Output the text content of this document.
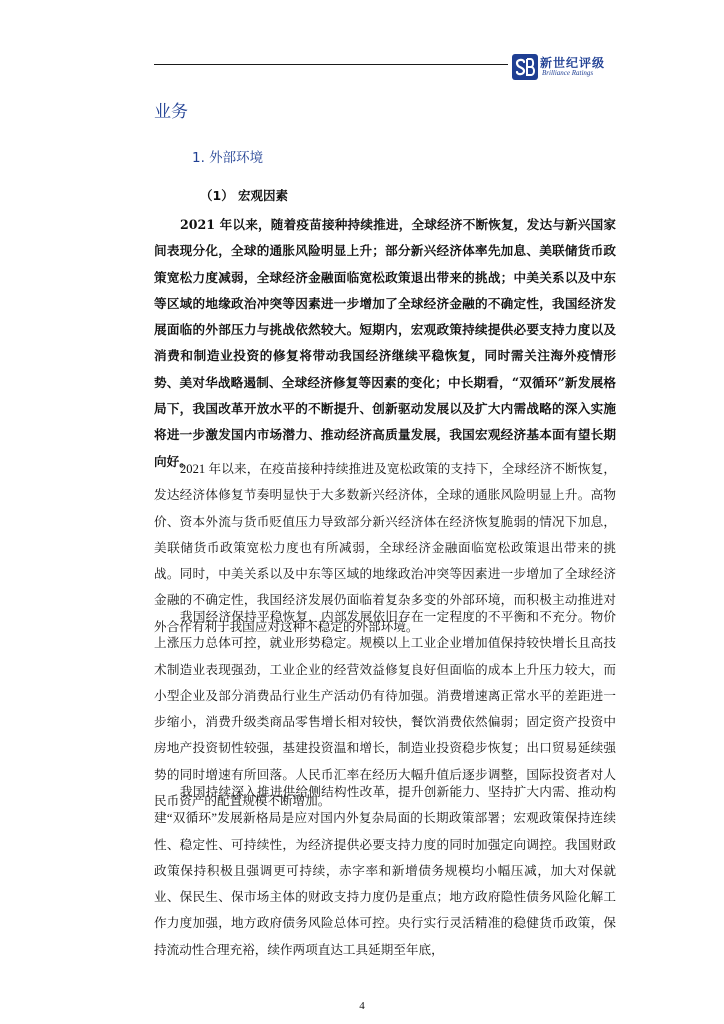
新世纪评级
Brilliance Ratings
业务
1. 外部环境
（1） 宏观因素

2021 年以来，随着疫苗接种持续推进，全球经济不断恢复，发达与新兴国家间表现分化，全球的通胀风险明显上升；部分新兴经济体率先加息、美联储货币政策宽松力度减弱，全球经济金融面临宽松政策退出带来的挑战；中美关系以及中东等区域的地缘政治冲突等因素进一步增加了全球经济金融的不确定性，我国经济发展面临的外部压力与挑战依然较大。短期内，宏观政策持续提供必要支持力度以及消费和制造业投资的修复将带动我国经济继续平稳恢复，同时需关注海外疫情形势、美对华战略遏制、全球经济修复等因素的变化；中长期看，“双循环”新发展格局下，我国改革开放水平的不断提升、创新驱动发展以及扩大内需战略的深入实施将进一步激发国内市场潜力、推动经济高质量发展，我国宏观经济基本面有望长期向好。

2021 年以来，在疫苗接种持续推进及宽松政策的支持下，全球经济不断恢复，发达经济体修复节奏明显快于大多数新兴经济体，全球的通胀风险明显上升。高物价、资本外流与货币贬值压力导致部分新兴经济体在经济恢复脆弱的情况下加息，美联储货币政策宽松力度也有所减弱，全球经济金融面临宽松政策退出带来的挑战。同时，中美关系以及中东等区域的地缘政治冲突等因素进一步增加了全球经济金融的不确定性，我国经济发展仍面临着复杂多变的外部环境，而积极主动推进对外合作有利于我国应对这种不稳定的外部环境。

我国经济保持平稳恢复，内部发展依旧存在一定程度的不平衡和不充分。物价上涨压力总体可控，就业形势稳定。规模以上工业企业增加值保持较快增长且高技术制造业表现强劲，工业企业的经营效益修复良好但面临的成本上升压力较大，而小型企业及部分消费品行业生产活动仍有待加强。消费增速离正常水平的差距进一步缩小，消费升级类商品零售增长相对较快，餐饮消费依然偏弱；固定资产投资中房地产投资韧性较强，基建投资温和增长，制造业投资稳步恢复；出口贸易延续强势的同时增速有所回落。人民币汇率在经历大幅升值后逐步调整，国际投资者对人民币资产的配置规模不断增加。

我国持续深入推进供给侧结构性改革，提升创新能力、坚持扩大内需、推动构建“双循环”发展新格局是应对国内外复杂局面的长期政策部署；宏观政策保持连续性、稳定性、可持续性，为经济提供必要支持力度的同时加强定向调控。我国财政政策保持积极且强调更可持续，赤字率和新增债务规模均小幅压减，加大对保就业、保民生、保市场主体的财政支持力度仍是重点；地方政府隐性债务风险化解工作力度加强，地方政府债务风险总体可控。央行实行灵活精准的稳健货币政策，保持流动性合理充裕，续作两项直达工具延期至年底，

4
